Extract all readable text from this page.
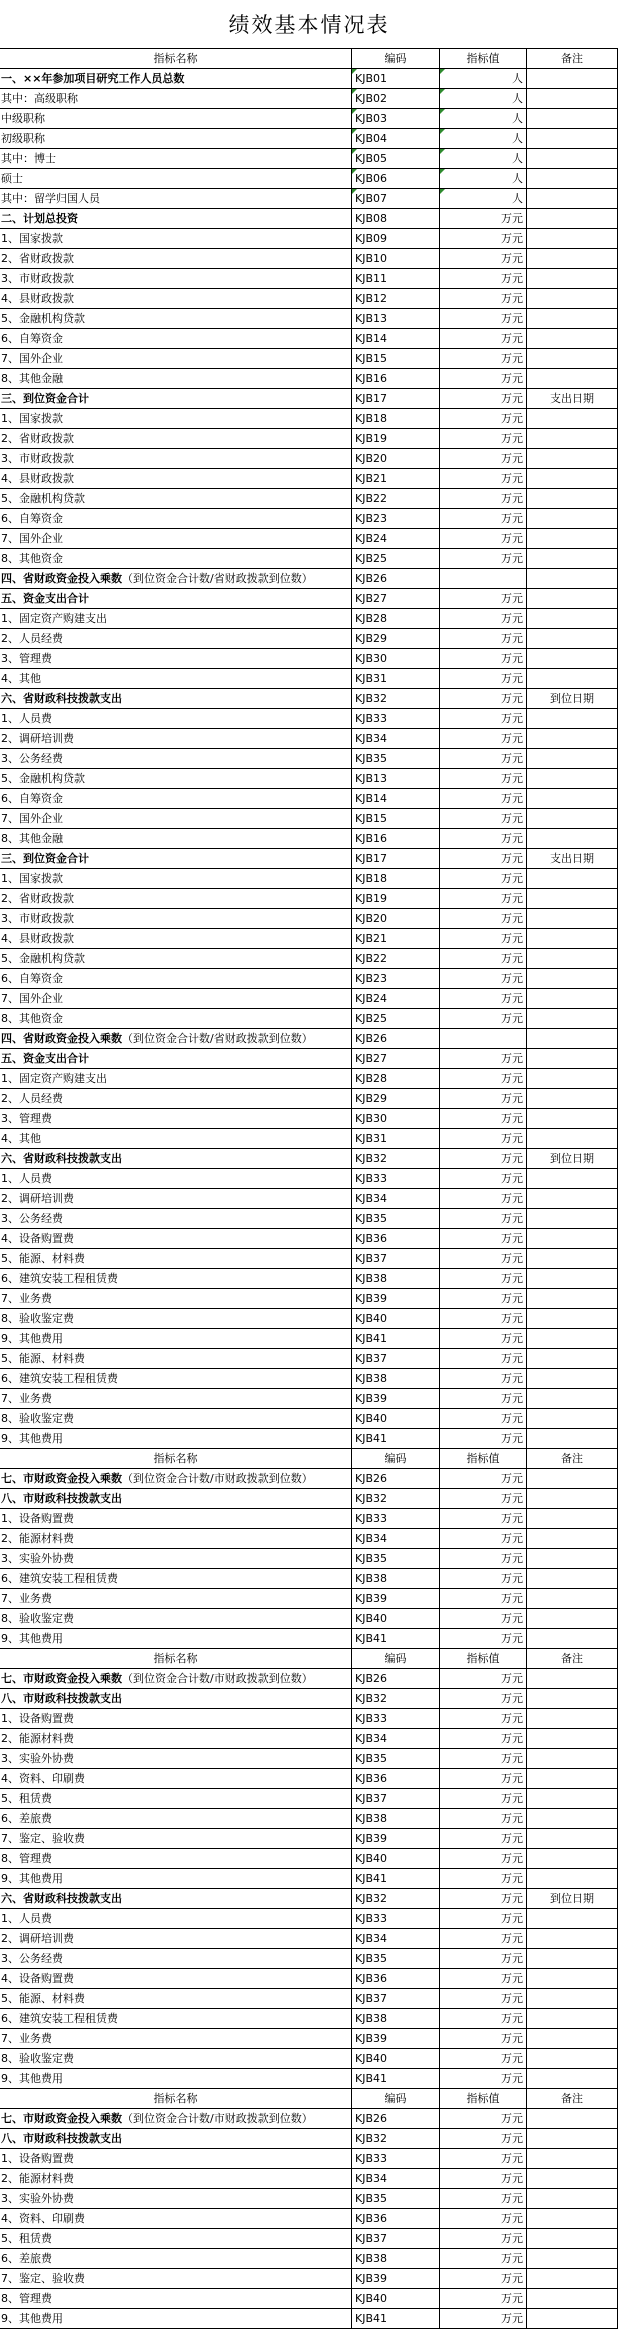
绩效基本情况表
指标名称	编码	指标值	备注
一、××年参加项目研究工作人员总数	KJB01	人
其中：高级职称	KJB02	人
中级职称	KJB03	人
初级职称	KJB04	人
其中：博士	KJB05	人
硕士	KJB06	人
其中：留学归国人员	KJB07	人
二、计划总投资	KJB08	万元
1、国家拨款	KJB09	万元
2、省财政拨款	KJB10	万元
3、市财政拨款	KJB11	万元
4、县财政拨款	KJB12	万元
5、金融机构贷款	KJB13	万元
6、自筹资金	KJB14	万元
7、国外企业	KJB15	万元
8、其他金融	KJB16	万元
三、到位资金合计	KJB17	万元	支出日期
1、国家拨款	KJB18	万元
2、省财政拨款	KJB19	万元
3、市财政拨款	KJB20	万元
4、县财政拨款	KJB21	万元
5、金融机构贷款	KJB22	万元
6、自筹资金	KJB23	万元
7、国外企业	KJB24	万元
8、其他资金	KJB25	万元
四、省财政资金投入乘数（到位资金合计数/省财政拨款到位数）	KJB26
五、资金支出合计	KJB27	万元
1、固定资产购建支出	KJB28	万元
2、人员经费	KJB29	万元
3、管理费	KJB30	万元
4、其他	KJB31	万元
六、省财政科技拨款支出	KJB32	万元	到位日期
1、人员费	KJB33	万元
2、调研培训费	KJB34	万元
3、公务经费	KJB35	万元
5、金融机构贷款	KJB13	万元
6、自筹资金	KJB14	万元
7、国外企业	KJB15	万元
8、其他金融	KJB16	万元
三、到位资金合计	KJB17	万元	支出日期
1、国家拨款	KJB18	万元
2、省财政拨款	KJB19	万元
3、市财政拨款	KJB20	万元
4、县财政拨款	KJB21	万元
5、金融机构贷款	KJB22	万元
6、自筹资金	KJB23	万元
7、国外企业	KJB24	万元
8、其他资金	KJB25	万元
四、省财政资金投入乘数（到位资金合计数/省财政拨款到位数）	KJB26
五、资金支出合计	KJB27	万元
1、固定资产购建支出	KJB28	万元
2、人员经费	KJB29	万元
3、管理费	KJB30	万元
4、其他	KJB31	万元
六、省财政科技拨款支出	KJB32	万元	到位日期
1、人员费	KJB33	万元
2、调研培训费	KJB34	万元
3、公务经费	KJB35	万元
4、设备购置费	KJB36	万元
5、能源、材料费	KJB37	万元
6、建筑安装工程租赁费	KJB38	万元
7、业务费	KJB39	万元
8、验收鉴定费	KJB40	万元
9、其他费用	KJB41	万元
5、能源、材料费	KJB37	万元
6、建筑安装工程租赁费	KJB38	万元
7、业务费	KJB39	万元
8、验收鉴定费	KJB40	万元
9、其他费用	KJB41	万元
指标名称	编码	指标值	备注
七、市财政资金投入乘数（到位资金合计数/市财政拨款到位数）	KJB26	万元
八、市财政科技拨款支出	KJB32	万元
1、设备购置费	KJB33	万元
2、能源材料费	KJB34	万元
3、实验外协费	KJB35	万元
6、建筑安装工程租赁费	KJB38	万元
7、业务费	KJB39	万元
8、验收鉴定费	KJB40	万元
9、其他费用	KJB41	万元
指标名称	编码	指标值	备注
七、市财政资金投入乘数（到位资金合计数/市财政拨款到位数）	KJB26	万元
八、市财政科技拨款支出	KJB32	万元
1、设备购置费	KJB33	万元
2、能源材料费	KJB34	万元
3、实验外协费	KJB35	万元
4、资料、印刷费	KJB36	万元
5、租赁费	KJB37	万元
6、差旅费	KJB38	万元
7、鉴定、验收费	KJB39	万元
8、管理费	KJB40	万元
9、其他费用	KJB41	万元
六、省财政科技拨款支出	KJB32	万元	到位日期
1、人员费	KJB33	万元
2、调研培训费	KJB34	万元
3、公务经费	KJB35	万元
4、设备购置费	KJB36	万元
5、能源、材料费	KJB37	万元
6、建筑安装工程租赁费	KJB38	万元
7、业务费	KJB39	万元
8、验收鉴定费	KJB40	万元
9、其他费用	KJB41	万元
指标名称	编码	指标值	备注
七、市财政资金投入乘数（到位资金合计数/市财政拨款到位数）	KJB26	万元
八、市财政科技拨款支出	KJB32	万元
1、设备购置费	KJB33	万元
2、能源材料费	KJB34	万元
3、实验外协费	KJB35	万元
4、资料、印刷费	KJB36	万元
5、租赁费	KJB37	万元
6、差旅费	KJB38	万元
7、鉴定、验收费	KJB39	万元
8、管理费	KJB40	万元
9、其他费用	KJB41	万元
